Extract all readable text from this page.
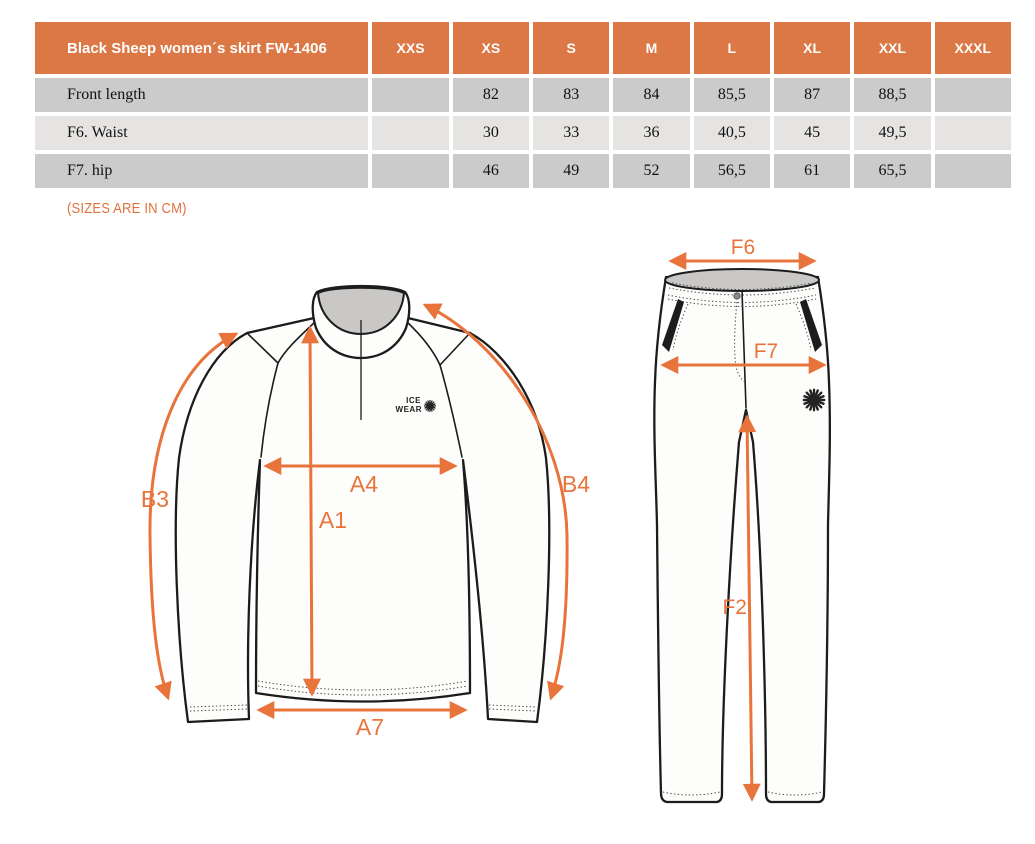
Black Sheep women´s skirt FW-1406	XXS	XS	S	M	L	XL	XXL	XXXL
Front length		82	83	84	85,5	87	88,5	
F6. Waist		30	33	36	40,5	45	49,5	
F7. hip		46	49	52	56,5	61	65,5	
(SIZES ARE IN CM)
ICE
WEAR
B3
B4
A4
A1
A7
F6
F7
F2
